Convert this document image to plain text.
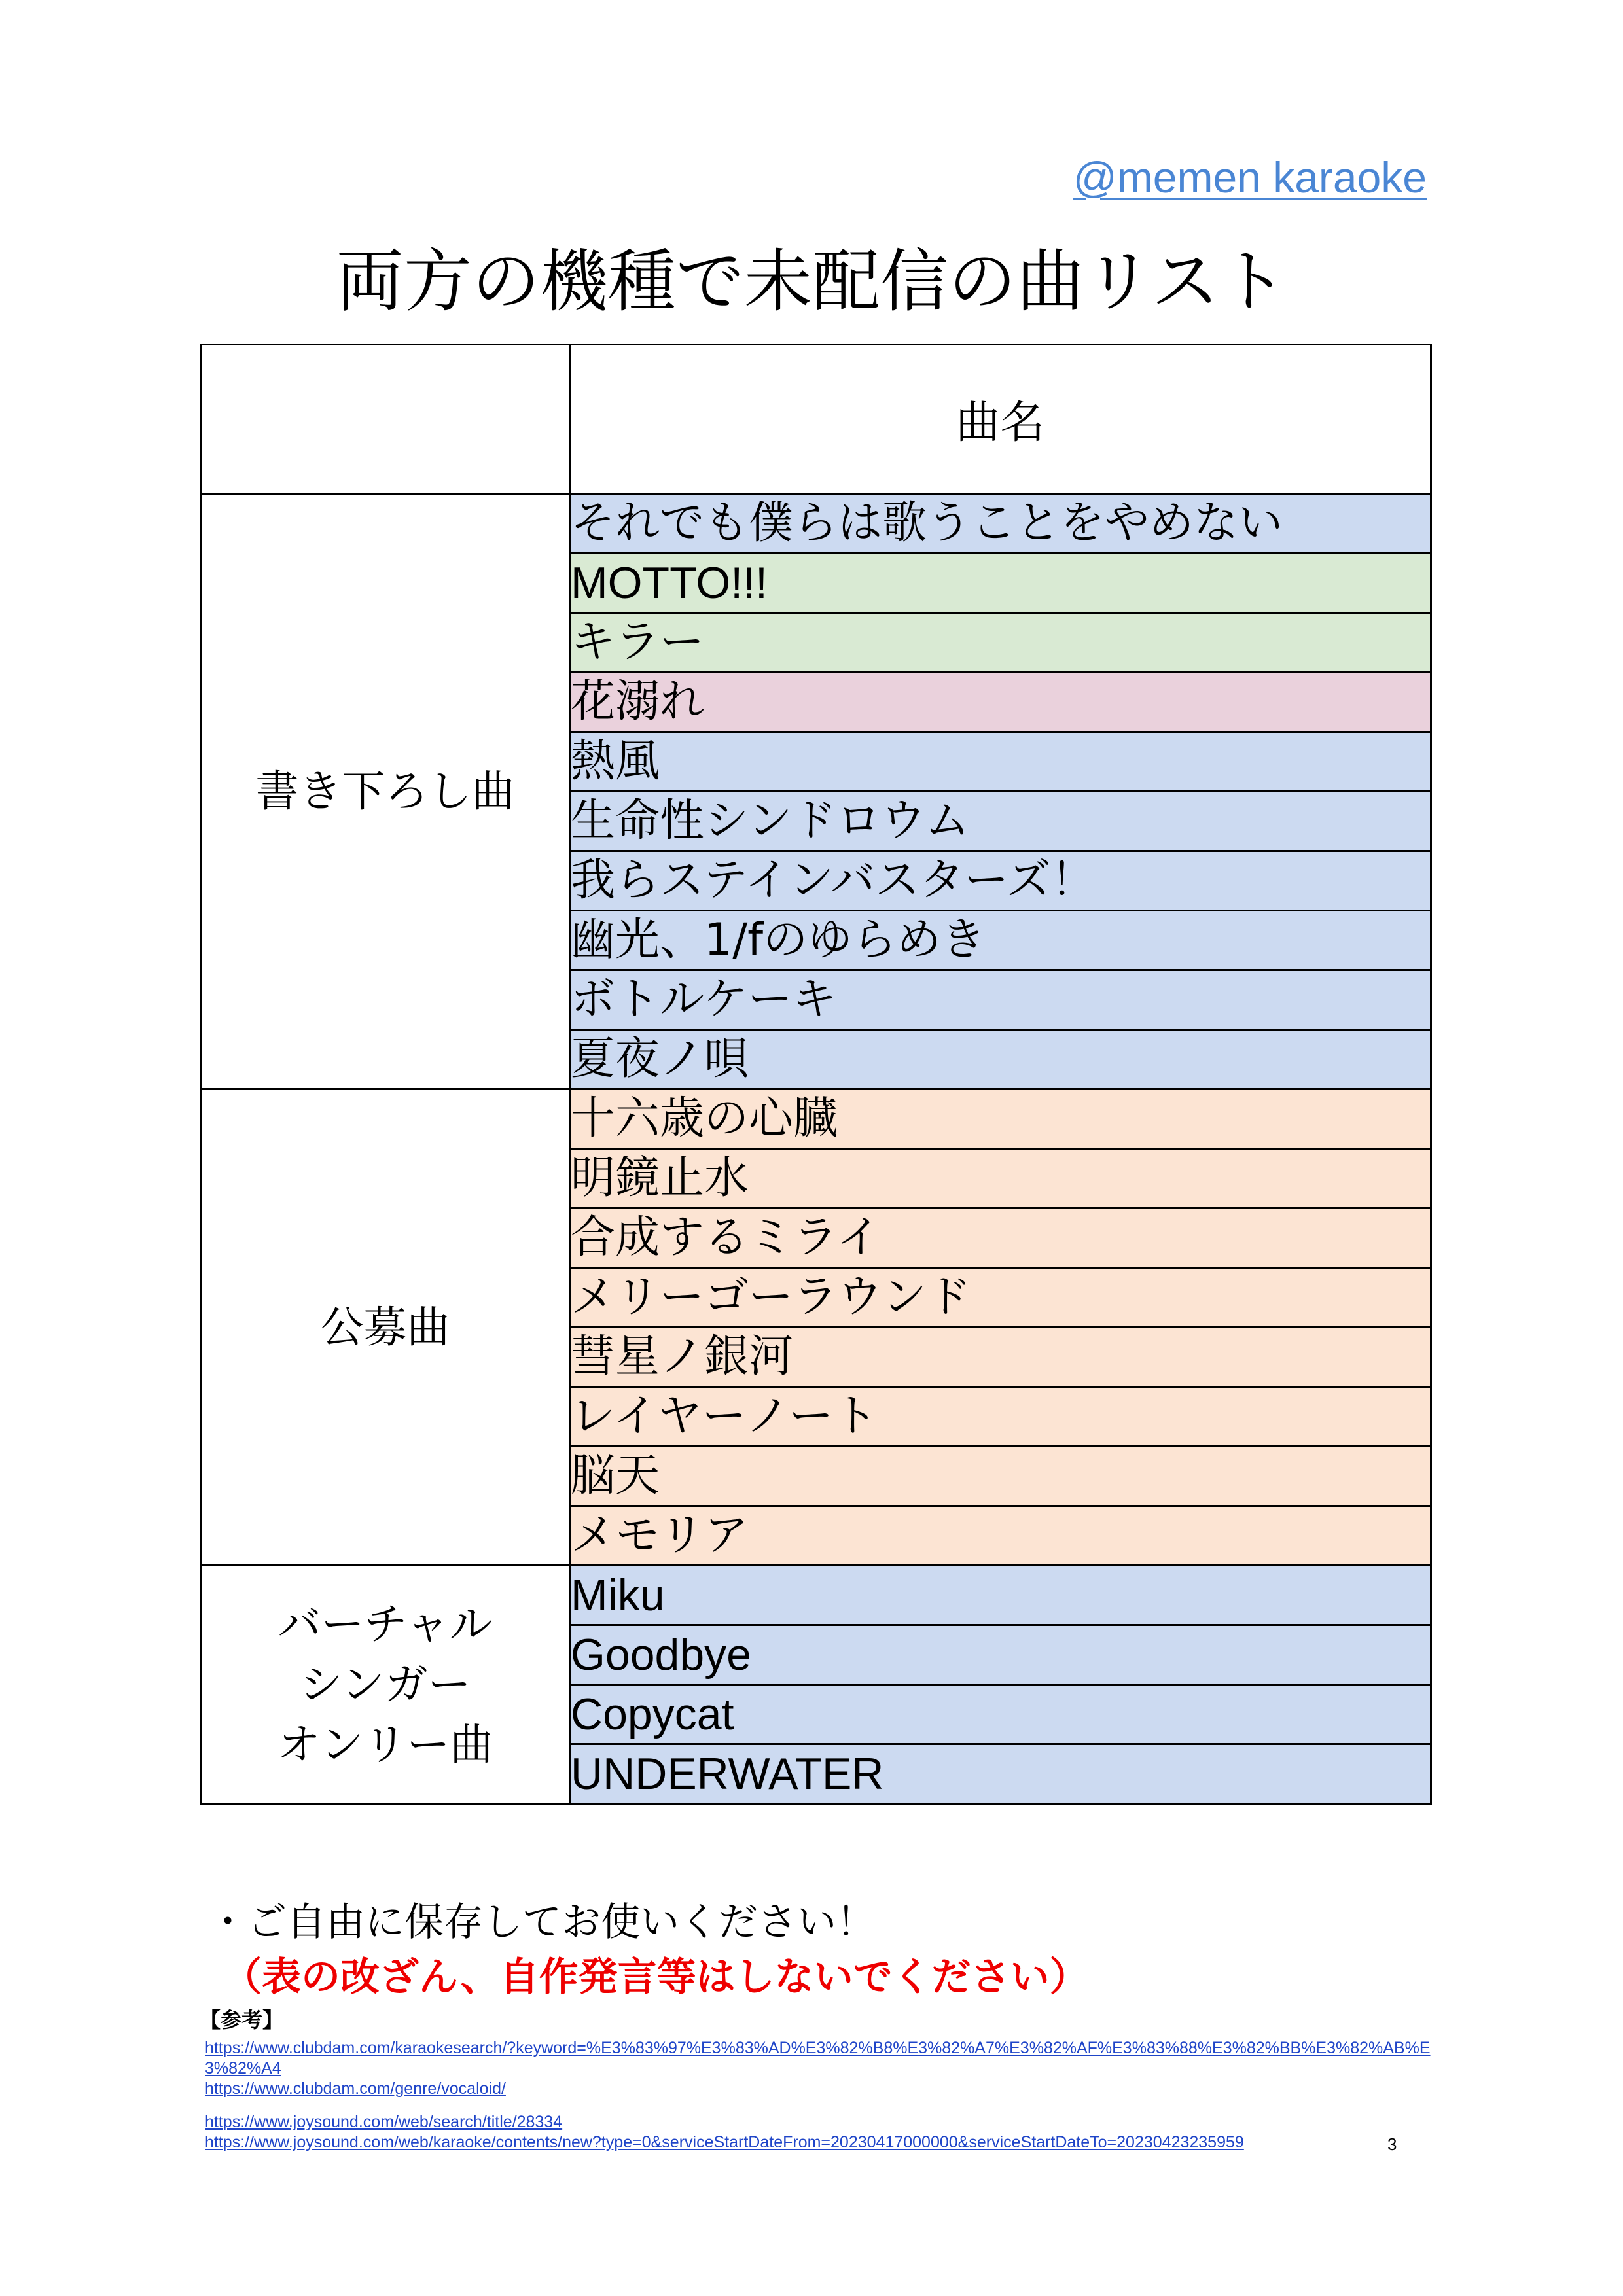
@memen karaoke
両方の機種で未配信の曲リスト
	曲名

書き下ろし曲	それでも僕らは歌うことをやめない
	MOTTO!!!
	キラー
	花溺れ
	熱風
	生命性シンドロウム
	我らステインバスターズ！
	幽光、1/fのゆらめき
	ボトルケーキ
	夏夜ノ唄

公募曲	十六歳の心臓
	明鏡止水
	合成するミライ
	メリーゴーラウンド
	彗星ノ銀河
	レイヤーノート
	脳天
	メモリア

バーチャル
シンガー
オンリー曲	Miku
	Goodbye
	Copycat
	UNDERWATER
・ご自由に保存してお使いください！
（表の改ざん、自作発言等はしないでください）
【参考】
https://www.clubdam.com/karaokesearch/?keyword=%E3%83%97%E3%83%AD%E3%82%B8%E3%82%A7%E3%82%AF%E3%83%88%E3%82%BB%E3%82%AB%E3%82%A4
https://www.clubdam.com/genre/vocaloid/
https://www.joysound.com/web/search/title/28334
https://www.joysound.com/web/karaoke/contents/new?type=0&serviceStartDateFrom=20230417000000&serviceStartDateTo=20230423235959	3
